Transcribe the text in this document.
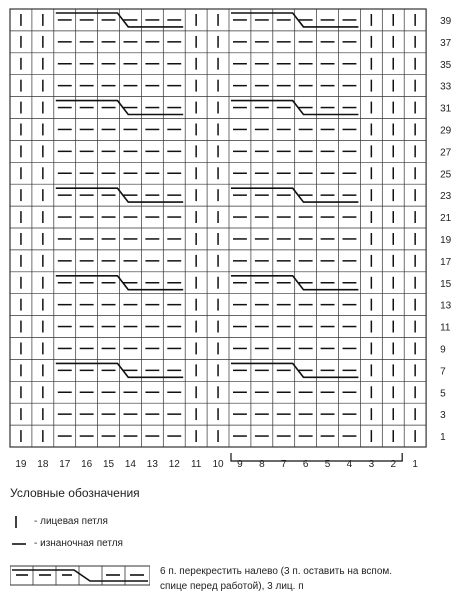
39
37
35
33
31
29
27
25
23
21
19
17
15
13
11
9
7
5
3
1
19 18 17 16 15 14 13 12 11 10 9 8 7 6 5 4 3 2 1
Условные обозначения
- лицевая петля
- изнаночная петля
6 п. перекрестить налево (3 п. оставить на вспом.
спице перед работой), 3 лиц. п
